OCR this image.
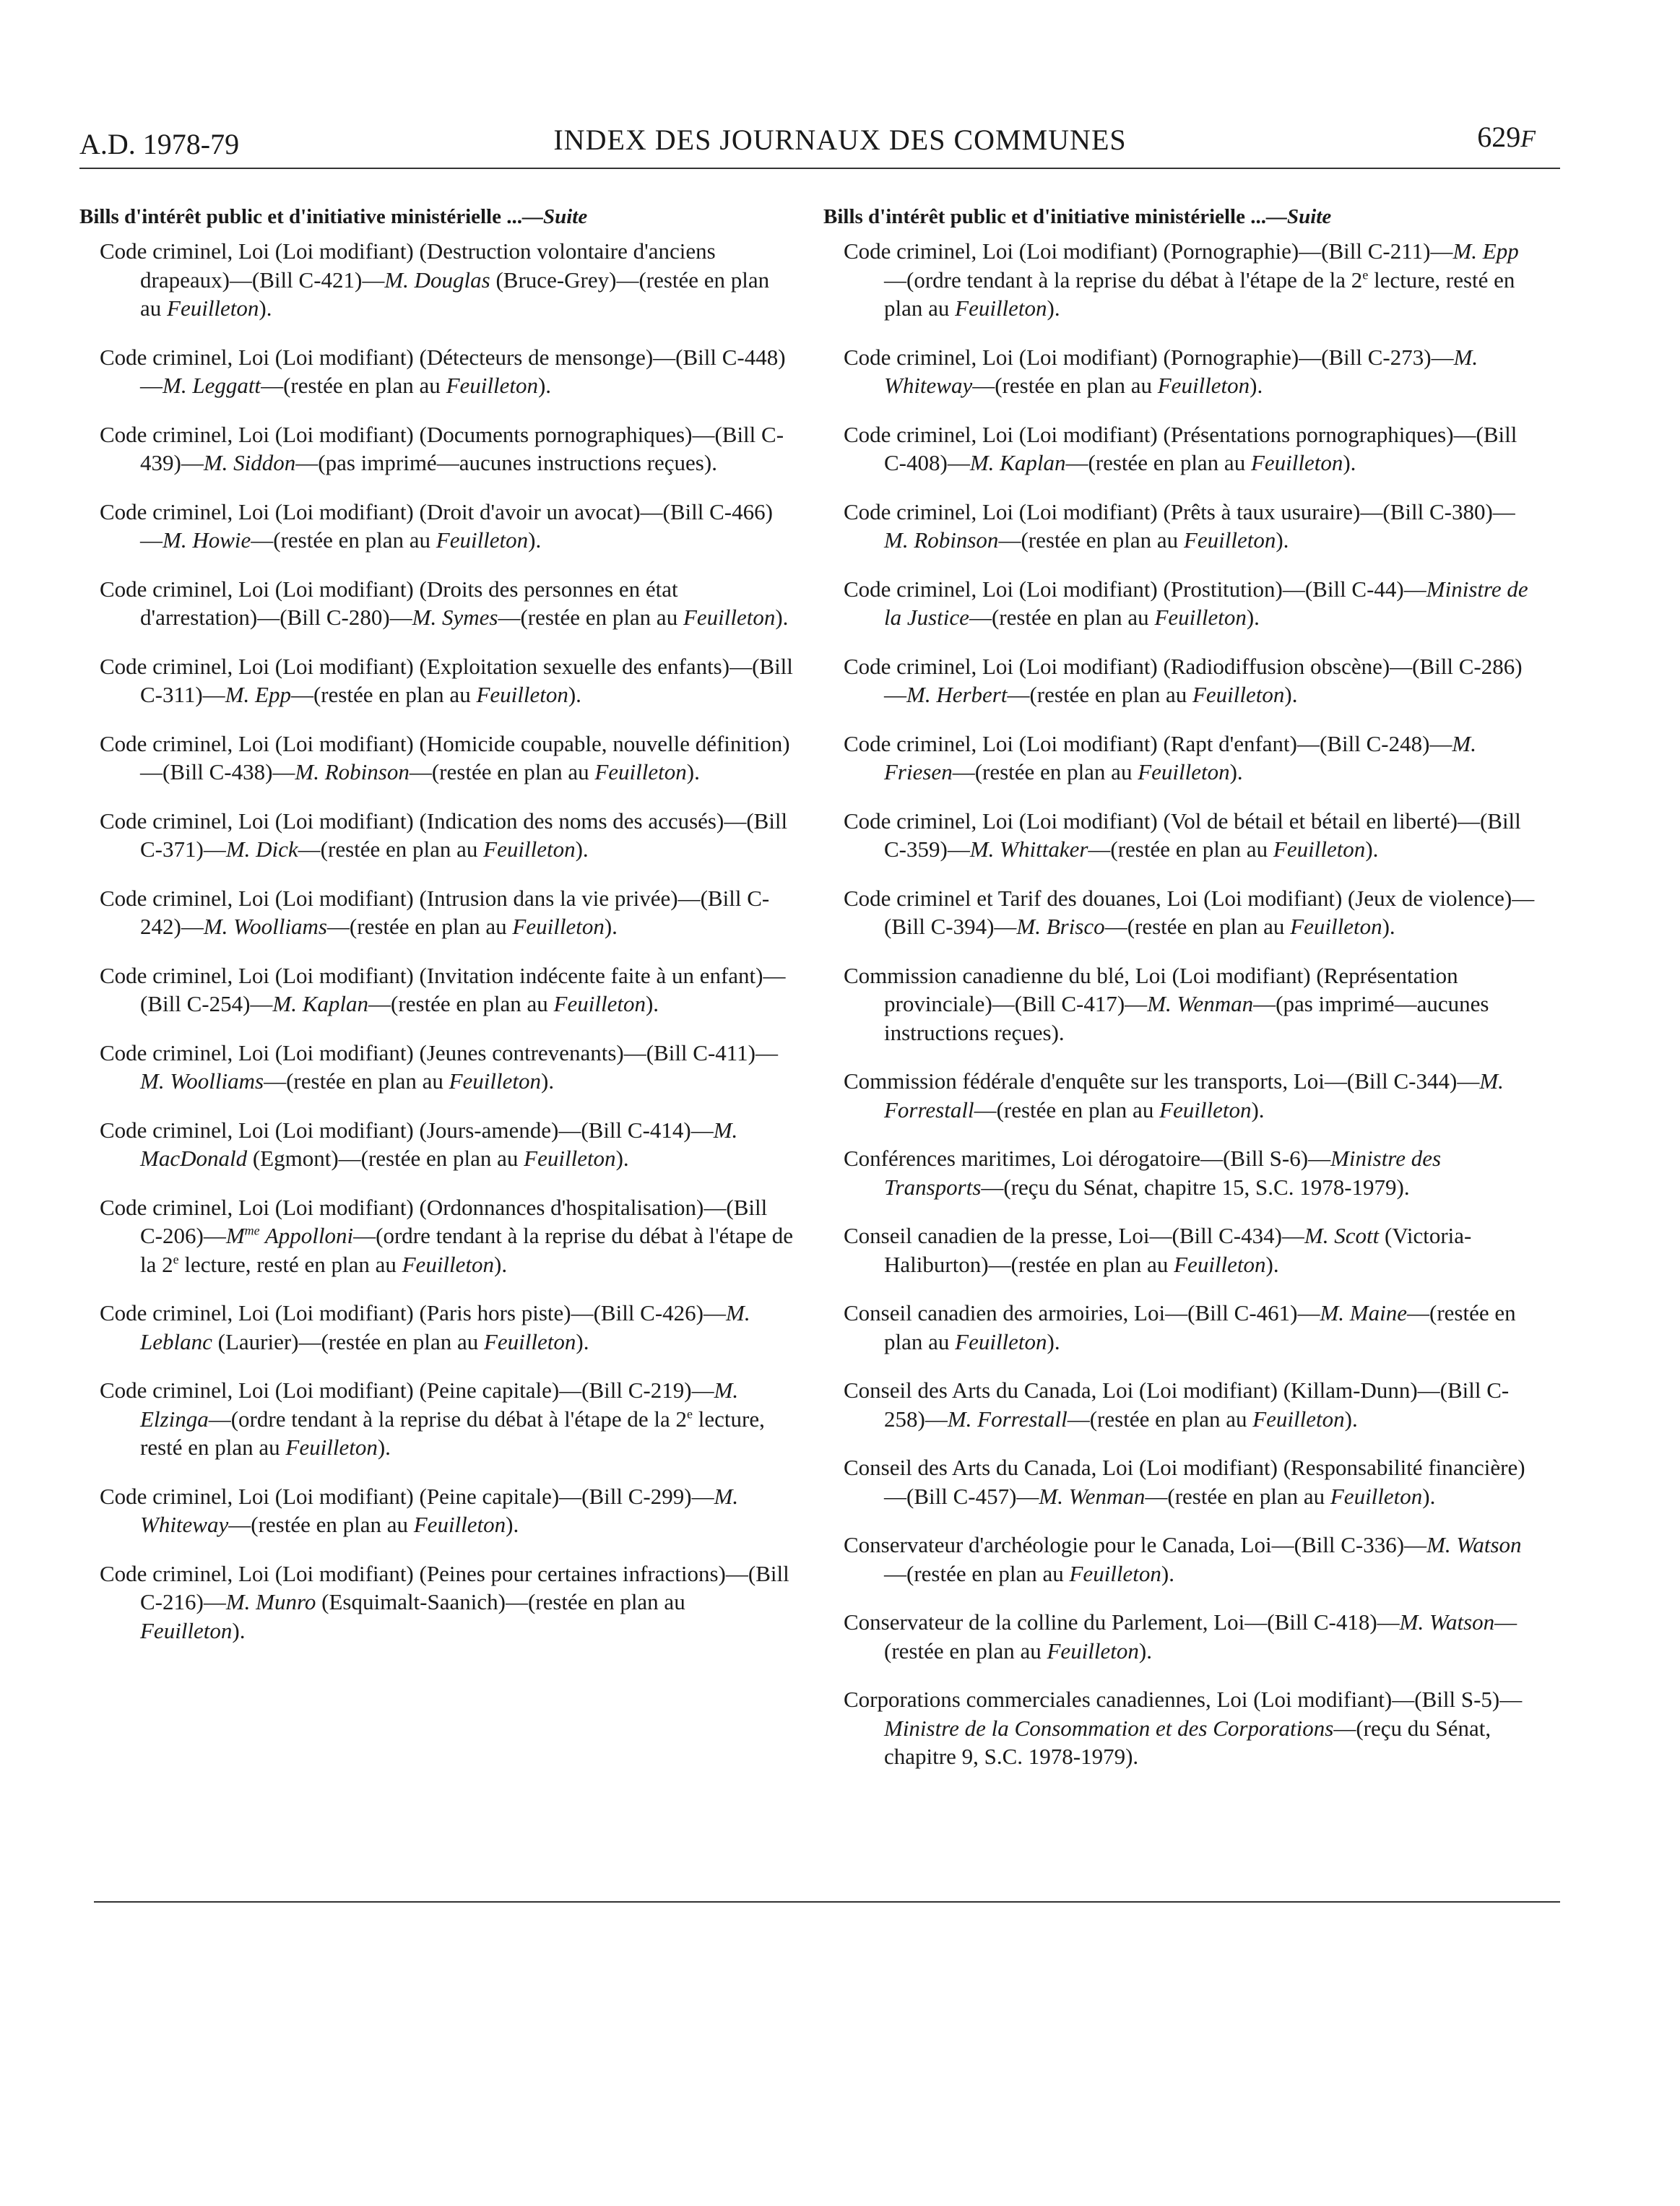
A.D. 1978-79	INDEX DES JOURNAUX DES COMMUNES	629F
Bills d'intérêt public et d'initiative ministérielle ...—Suite
Code criminel, Loi (Loi modifiant) (Destruction volontaire d'anciens drapeaux)—(Bill C-421)—M. Douglas (Bruce-Grey)—(restée en plan au Feuilleton).
Code criminel, Loi (Loi modifiant) (Détecteurs de mensonge)—(Bill C-448)—M. Leggatt—(restée en plan au Feuilleton).
Code criminel, Loi (Loi modifiant) (Documents pornographiques)—(Bill C-439)—M. Siddon—(pas imprimé—aucunes instructions reçues).
Code criminel, Loi (Loi modifiant) (Droit d'avoir un avocat)—(Bill C-466)—M. Howie—(restée en plan au Feuilleton).
Code criminel, Loi (Loi modifiant) (Droits des personnes en état d'arrestation)—(Bill C-280)—M. Symes—(restée en plan au Feuilleton).
Code criminel, Loi (Loi modifiant) (Exploitation sexuelle des enfants)—(Bill C-311)—M. Epp—(restée en plan au Feuilleton).
Code criminel, Loi (Loi modifiant) (Homicide coupable, nouvelle définition)—(Bill C-438)—M. Robinson—(restée en plan au Feuilleton).
Code criminel, Loi (Loi modifiant) (Indication des noms des accusés)—(Bill C-371)—M. Dick—(restée en plan au Feuilleton).
Code criminel, Loi (Loi modifiant) (Intrusion dans la vie privée)—(Bill C-242)—M. Woolliams—(restée en plan au Feuilleton).
Code criminel, Loi (Loi modifiant) (Invitation indécente faite à un enfant)—(Bill C-254)—M. Kaplan—(restée en plan au Feuilleton).
Code criminel, Loi (Loi modifiant) (Jeunes contrevenants)—(Bill C-411)—M. Woolliams—(restée en plan au Feuilleton).
Code criminel, Loi (Loi modifiant) (Jours-amende)—(Bill C-414)—M. MacDonald (Egmont)—(restée en plan au Feuilleton).
Code criminel, Loi (Loi modifiant) (Ordonnances d'hospitalisation)—(Bill $C-206)—M^{me}$ Appolloni—(ordre tendant à la reprise du débat à l'étape de la 2e lecture, resté en plan au Feuilleton).
Code criminel, Loi (Loi modifiant) (Paris hors piste)—(Bill C-426)—M. Leblanc (Laurier)—(restée en plan au Feuilleton).
Code criminel, Loi (Loi modifiant) (Peine capitale)—(Bill C-219)—M. Elzinga—(ordre tendant à la reprise du débat à l'étape de la 2e lecture, resté en plan au Feuilleton).
Code criminel, Loi (Loi modifiant) (Peine capitale)—(Bill C-299)—M. Whiteway—(restée en plan au Feuilleton).
Code criminel, Loi (Loi modifiant) (Peines pour certaines infractions)—(Bill C-216)—M. Munro (Esquimalt-Saanich)—(restée en plan au Feuilleton).
Bills d'intérêt public et d'initiative ministérielle ...—Suite
Code criminel, Loi (Loi modifiant) (Pornographie)—(Bill C-211)—M. Epp—(ordre tendant à la reprise du débat à l'étape de la 2e lecture, resté en plan au Feuilleton).
Code criminel, Loi (Loi modifiant) (Pornographie)—(Bill C-273)—M. Whiteway—(restée en plan au Feuilleton).
Code criminel, Loi (Loi modifiant) (Présentations pornographiques)—(Bill C-408)—M. Kaplan—(restée en plan au Feuilleton).
Code criminel, Loi (Loi modifiant) (Prêts à taux usuraire)—(Bill C-380)—M. Robinson—(restée en plan au Feuilleton).
Code criminel, Loi (Loi modifiant) (Prostitution)—(Bill C-44)—Ministre de la Justice—(restée en plan au Feuilleton).
Code criminel, Loi (Loi modifiant) (Radiodiffusion obscène)—(Bill C-286)—M. Herbert—(restée en plan au Feuilleton).
Code criminel, Loi (Loi modifiant) (Rapt d'enfant)—(Bill C-248)—M. Friesen—(restée en plan au Feuilleton).
Code criminel, Loi (Loi modifiant) (Vol de bétail et bétail en liberté)—(Bill C-359)—M. Whittaker—(restée en plan au Feuilleton).
Code criminel et Tarif des douanes, Loi (Loi modifiant) (Jeux de violence)—(Bill C-394)—M. Brisco—(restée en plan au Feuilleton).
Commission canadienne du blé, Loi (Loi modifiant) (Représentation provinciale)—(Bill C-417)—M. Wenman—(pas imprimé—aucunes instructions reçues).
Commission fédérale d'enquête sur les transports, Loi—(Bill C-344)—M. Forrestall—(restée en plan au Feuilleton).
Conférences maritimes, Loi dérogatoire—(Bill S-6)—Ministre des Transports—(reçu du Sénat, chapitre 15, S.C. 1978-1979).
Conseil canadien de la presse, Loi—(Bill C-434)—M. Scott (Victoria-Haliburton)—(restée en plan au Feuilleton).
Conseil canadien des armoiries, Loi—(Bill C-461)—M. Maine—(restée en plan au Feuilleton).
Conseil des Arts du Canada, Loi (Loi modifiant) (Killam-Dunn)—(Bill C-258)—M. Forrestall—(restée en plan au Feuilleton).
Conseil des Arts du Canada, Loi (Loi modifiant) (Responsabilité financière)—(Bill C-457)—M. Wenman—(restée en plan au Feuilleton).
Conservateur d'archéologie pour le Canada, Loi—(Bill C-336)—M. Watson—(restée en plan au Feuilleton).
Conservateur de la colline du Parlement, Loi—(Bill C-418)—M. Watson—(restée en plan au Feuilleton).
Corporations commerciales canadiennes, Loi (Loi modifiant)—(Bill S-5)—Ministre de la Consommation et des Corporations—(reçu du Sénat, chapitre 9, S.C. 1978-1979).
